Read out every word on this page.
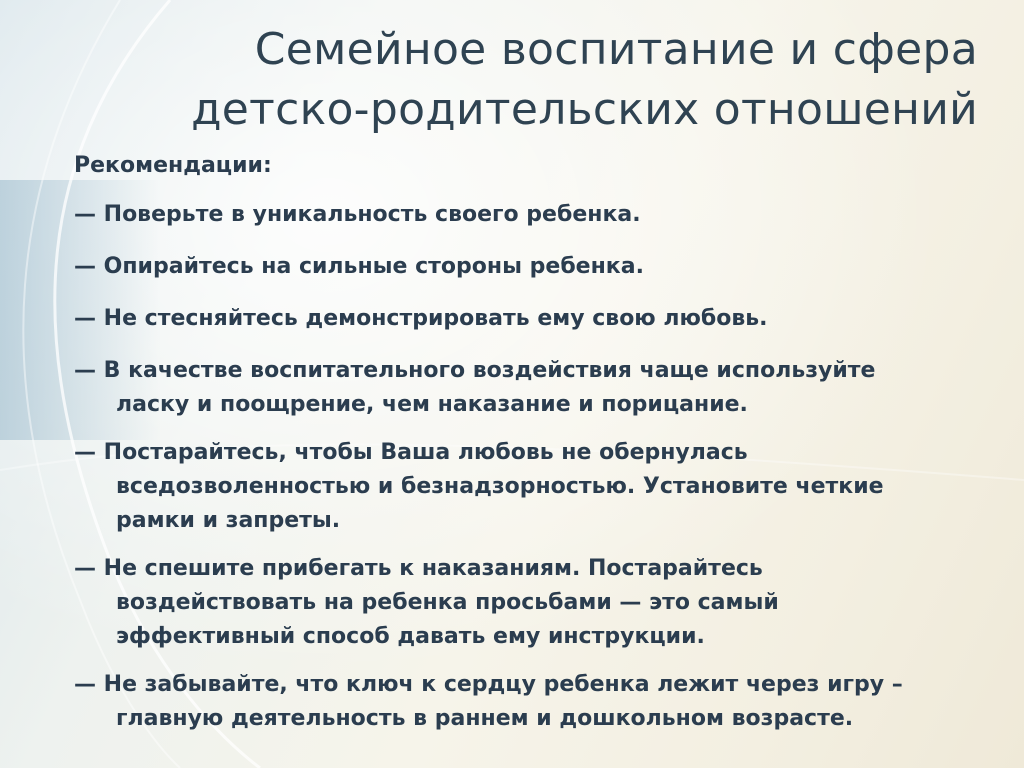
Семейное воспитание и сфера
детско-родительских отношений
Рекомендации:
— Поверьте в уникальность своего ребенка.
— Опирайтесь на сильные стороны ребенка.
— Не стесняйтесь демонстрировать ему свою любовь.
— В качестве воспитательного воздействия чаще используйте ласку и поощрение, чем наказание и порицание.
— Постарайтесь, чтобы Ваша любовь не обернулась вседозволенностью и безнадзорностью. Установите четкие рамки и запреты.
— Не спешите прибегать к наказаниям. Постарайтесь воздействовать на ребенка просьбами — это самый эффективный способ давать ему инструкции.
— Не забывайте, что ключ к сердцу ребенка лежит через игру – главную деятельность в раннем и дошкольном возрасте.
